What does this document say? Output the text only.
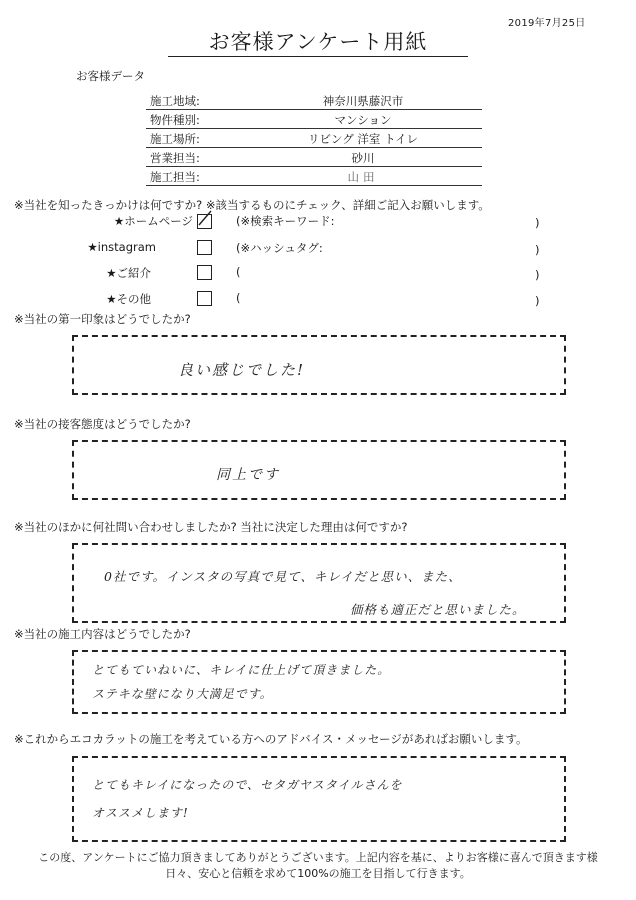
2019年7月25日
お客様アンケート用紙
お客様データ
施工地域:	神奈川県藤沢市
物件種別:	マンション
施工場所:	リビング 洋室 トイレ
営業担当:	砂川
施工担当:	山田
※当社を知ったきっかけは何ですか? ※該当するものにチェック、詳細ご記入お願いします。
★ホームページ	(※検索キーワード:	)
★instagram	(※ハッシュタグ:	)
★ご紹介	(	)
★その他	(	)
※当社の第一印象はどうでしたか?
良い感じでした!
※当社の接客態度はどうでしたか?
同上です
※当社のほかに何社問い合わせしましたか? 当社に決定した理由は何ですか?
0社です。インスタの写真で見て、キレイだと思い、また、
価格も適正だと思いました。
※当社の施工内容はどうでしたか?
とてもていねいに、キレイに仕上げて頂きました。
ステキな壁になり大満足です。
※これからエコカラットの施工を考えている方へのアドバイス・メッセージがあればお願いします。
とてもキレイになったので、セタガヤスタイルさんを
オススメします!
この度、アンケートにご協力頂きましてありがとうございます。上記内容を基に、よりお客様に喜んで頂きます様
日々、安心と信頼を求めて100%の施工を目指して行きます。
